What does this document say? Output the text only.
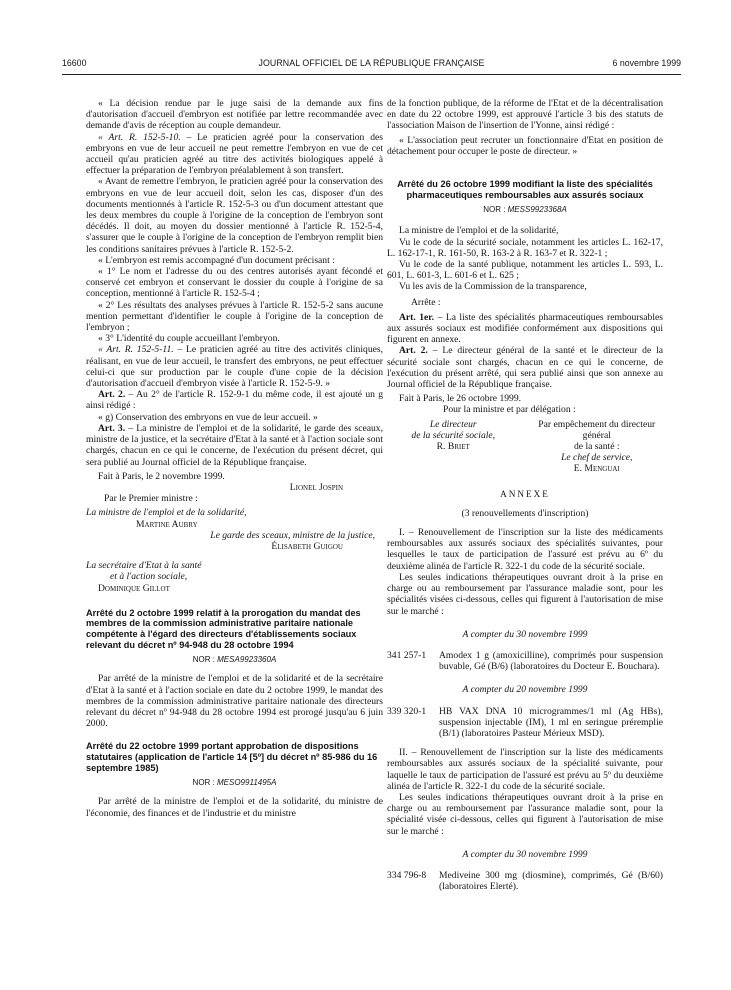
16600	JOURNAL OFFICIEL DE LA RÉPUBLIQUE FRANÇAISE	6 novembre 1999

« La décision rendue par le juge saisi de la demande aux fins d'autorisation d'accueil d'embryon est notifiée par lettre recommandée avec demande d'avis de réception au couple demandeur.

« Art. R. 152-5-10. – Le praticien agréé pour la conservation des embryons en vue de leur accueil ne peut remettre l'embryon en vue de cet accueil qu'au praticien agréé au titre des activités biologiques appelé à effectuer la préparation de l'embryon préalablement à son transfert.

« Avant de remettre l'embryon, le praticien agréé pour la conservation des embryons en vue de leur accueil doit, selon les cas, disposer d'un des documents mentionnés à l'article R. 152-5-3 ou d'un document attestant que les deux membres du couple à l'origine de la conception de l'embryon sont décédés. Il doit, au moyen du dossier mentionné à l'article R. 152-5-4, s'assurer que le couple à l'origine de la conception de l'embryon remplit bien les conditions sanitaires prévues à l'article R. 152-5-2.

« L'embryon est remis accompagné d'un document précisant :

« 1° Le nom et l'adresse du ou des centres autorisés ayant fécondé et conservé cet embryon et conservant le dossier du couple à l'origine de sa conception, mentionné à l'article R. 152-5-4 ;

« 2° Les résultats des analyses prévues à l'article R. 152-5-2 sans aucune mention permettant d'identifier le couple à l'origine de la conception de l'embryon ;

« 3° L'identité du couple accueillant l'embryon.

« Art. R. 152-5-11. – Le praticien agréé au titre des activités cliniques, réalisant, en vue de leur accueil, le transfert des embryons, ne peut effectuer celui-ci que sur production par le couple d'une copie de la décision d'autorisation d'accueil d'embryon visée à l'article R. 152-5-9. »

Art. 2. – Au 2° de l'article R. 152-9-1 du même code, il est ajouté un g ainsi rédigé :

« g) Conservation des embryons en vue de leur accueil. »

Art. 3. – La ministre de l'emploi et de la solidarité, le garde des sceaux, ministre de la justice, et la secrétaire d'Etat à la santé et à l'action sociale sont chargés, chacun en ce qui le concerne, de l'exécution du présent décret, qui sera publié au Journal officiel de la République française.

Fait à Paris, le 2 novembre 1999.

Lionel Jospin

Par le Premier ministre :

La ministre de l'emploi et de la solidarité,

Martine Aubry

Le garde des sceaux, ministre de la justice,

Élisabeth Guigou

La secrétaire d'Etat à la santé

et à l'action sociale,

Dominique Gillot

Arrêté du 2 octobre 1999 relatif à la prorogation du mandat des membres de la commission administrative paritaire nationale compétente à l'égard des directeurs d'établissements sociaux relevant du décret nº 94-948 du 28 octobre 1994
NOR : MESA9923360A

Par arrêté de la ministre de l'emploi et de la solidarité et de la secrétaire d'Etat à la santé et à l'action sociale en date du 2 octobre 1999, le mandat des membres de la commission administrative paritaire nationale des directeurs relevant du décret nº 94-948 du 28 octobre 1994 est prorogé jusqu'au 6 juin 2000.

Arrêté du 22 octobre 1999 portant approbation de dispositions statutaires (application de l'article 14 [5º] du décret nº 85-986 du 16 septembre 1985)
NOR : MESO9911495A

Par arrêté de la ministre de l'emploi et de la solidarité, du ministre de l'économie, des finances et de l'industrie et du ministre

de la fonction publique, de la réforme de l'Etat et de la décentralisation en date du 22 octobre 1999, est approuvé l'article 3 bis des statuts de l'association Maison de l'insertion de l'Yonne, ainsi rédigé :

« L'association peut recruter un fonctionnaire d'Etat en position de détachement pour occuper le poste de directeur. »

Arrêté du 26 octobre 1999 modifiant la liste des spécialités pharmaceutiques remboursables aux assurés sociaux
NOR : MESS9923368A

La ministre de l'emploi et de la solidarité,

Vu le code de la sécurité sociale, notamment les articles L. 162-17, L. 162-17-1, R. 161-50, R. 163-2 à R. 163-7 et R. 322-1 ;

Vu le code de la santé publique, notamment les articles L. 593, L. 601, L. 601-3, L. 601-6 et L. 625 ;

Vu les avis de la Commission de la transparence,

Arrête :

Art. 1er. – La liste des spécialités pharmaceutiques remboursables aux assurés sociaux est modifiée conformément aux dispositions qui figurent en annexe.

Art. 2. – Le directeur général de la santé et le directeur de la sécurité sociale sont chargés, chacun en ce qui le concerne, de l'exécution du présent arrêté, qui sera publié ainsi que son annexe au Journal officiel de la République française.

Fait à Paris, le 26 octobre 1999.

Pour la ministre et par délégation :

Le directeur
de la sécurité sociale,
R. Briet
Par empêchement du directeur général
de la santé :
Le chef de service,
E. Menguai

ANNEXE

(3 renouvellements d'inscription)

I. – Renouvellement de l'inscription sur la liste des médicaments remboursables aux assurés sociaux des spécialités suivantes, pour lesquelles le taux de participation de l'assuré est prévu au 6º du deuxième alinéa de l'article R. 322-1 du code de la sécurité sociale.

Les seules indications thérapeutiques ouvrant droit à la prise en charge ou au remboursement par l'assurance maladie sont, pour les spécialités visées ci-dessous, celles qui figurent à l'autorisation de mise sur le marché :

A compter du 30 novembre 1999

341 257-1	Amodex 1 g (amoxicilline), comprimés pour suspension buvable, Gé (B/6) (laboratoires du Docteur E. Bouchara).

A compter du 20 novembre 1999

339 320-1	HB VAX DNA 10 microgrammes/1 ml (Ag HBs), suspension injectable (IM), 1 ml en seringue préremplie (B/1) (laboratoires Pasteur Mérieux MSD).

II. – Renouvellement de l'inscription sur la liste des médicaments remboursables aux assurés sociaux de la spécialité suivante, pour laquelle le taux de participation de l'assuré est prévu au 5º du deuxième alinéa de l'article R. 322-1 du code de la sécurité sociale.

Les seules indications thérapeutiques ouvrant droit à la prise en charge ou au remboursement par l'assurance maladie sont, pour la spécialité visée ci-dessous, celles qui figurent à l'autorisation de mise sur le marché :

A compter du 30 novembre 1999

334 796-8	Mediveine 300 mg (diosmine), comprimés, Gé (B/60) (laboratoires Elerté).
